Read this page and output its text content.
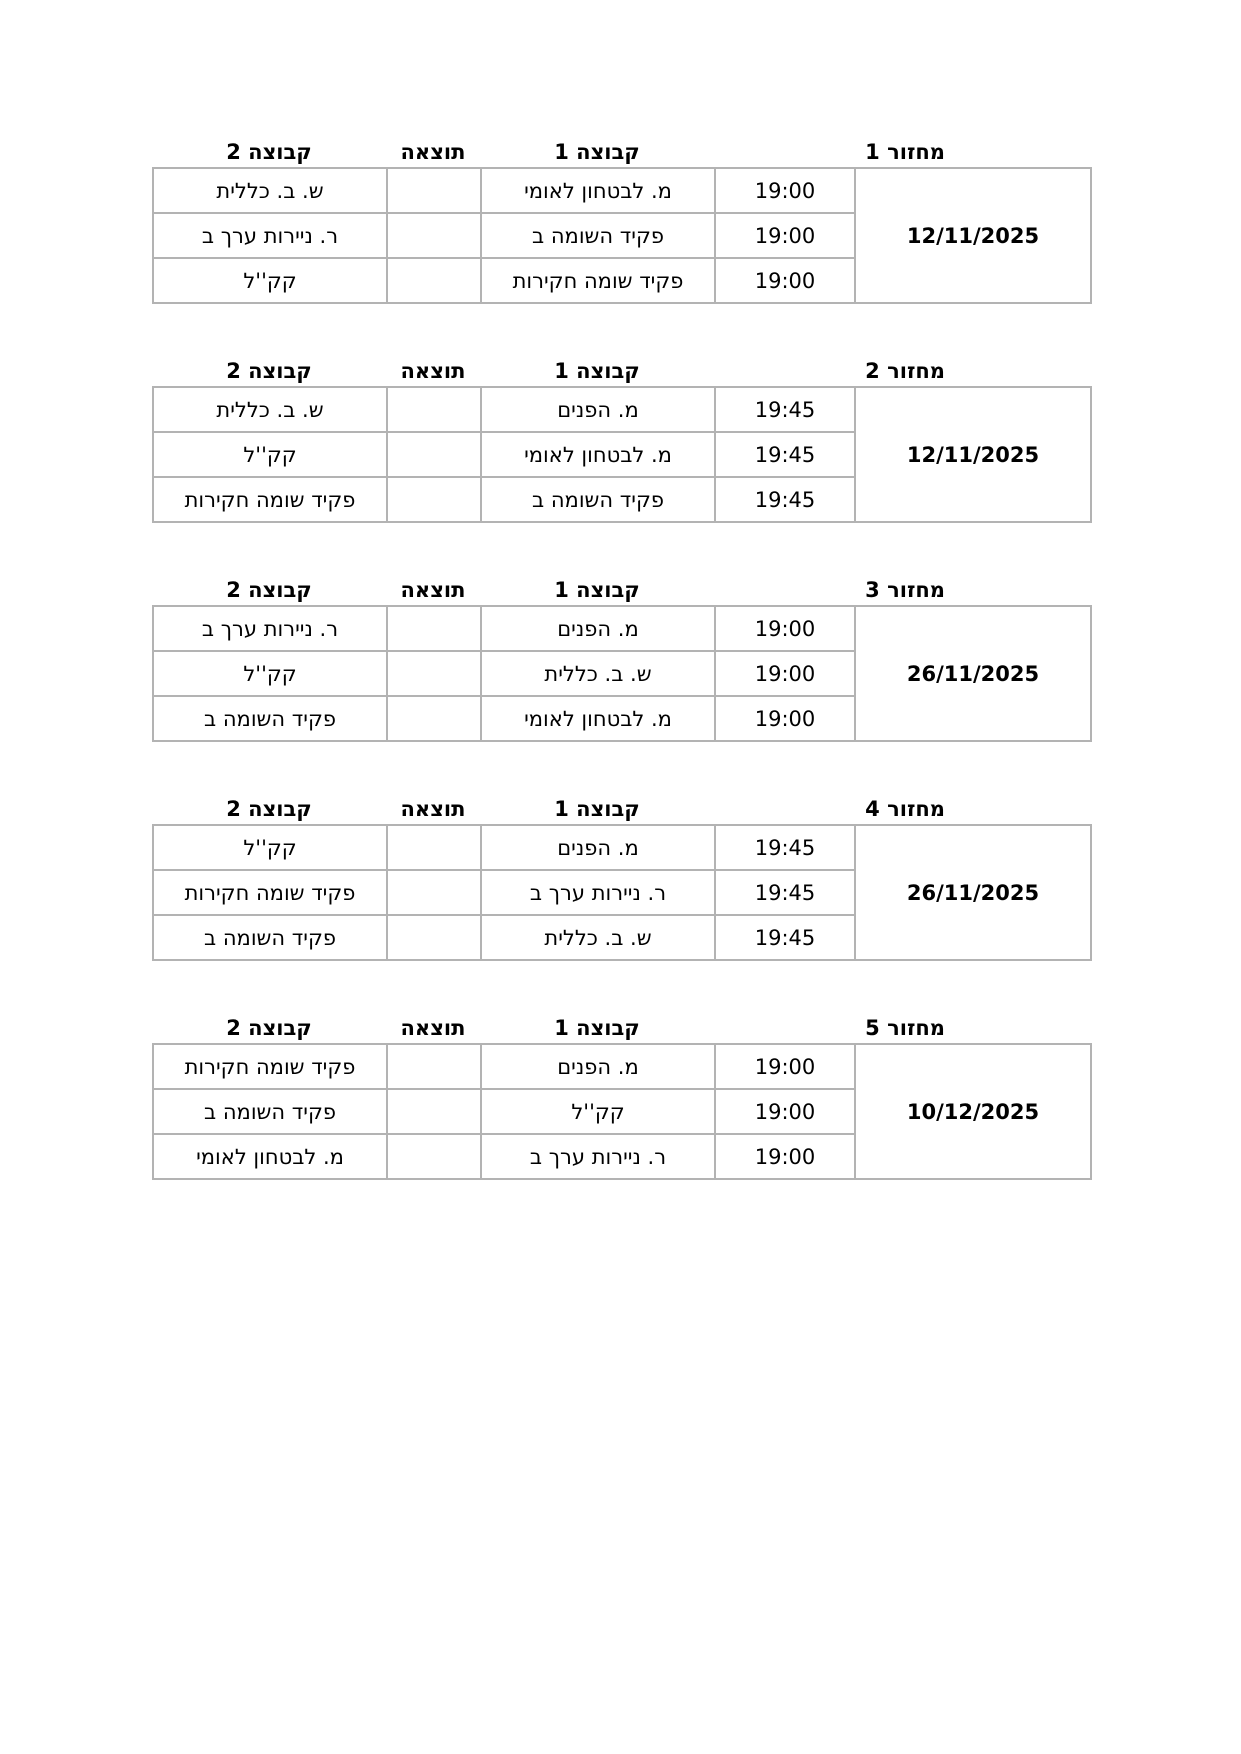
קבוצה 2	תוצאה	קבוצה 1	מחזור 1
ש. ב. כללית		מ. לבטחון לאומי	19:00	12/11/2025
ר. ניירות ערך ב		פקיד השומה ב	19:00	
קק''ל		פקיד שומה חקירות	19:00	
קבוצה 2	תוצאה	קבוצה 1	מחזור 2
ש. ב. כללית		מ. הפנים	19:45	12/11/2025
קק''ל		מ. לבטחון לאומי	19:45	
פקיד שומה חקירות		פקיד השומה ב	19:45	
קבוצה 2	תוצאה	קבוצה 1	מחזור 3
ר. ניירות ערך ב		מ. הפנים	19:00	26/11/2025
קק''ל		ש. ב. כללית	19:00	
פקיד השומה ב		מ. לבטחון לאומי	19:00	
קבוצה 2	תוצאה	קבוצה 1	מחזור 4
קק''ל		מ. הפנים	19:45	26/11/2025
פקיד שומה חקירות		ר. ניירות ערך ב	19:45	
פקיד השומה ב		ש. ב. כללית	19:45	
קבוצה 2	תוצאה	קבוצה 1	מחזור 5
פקיד שומה חקירות		מ. הפנים	19:00	10/12/2025
פקיד השומה ב		קק''ל	19:00	
מ. לבטחון לאומי		ר. ניירות ערך ב	19:00	
